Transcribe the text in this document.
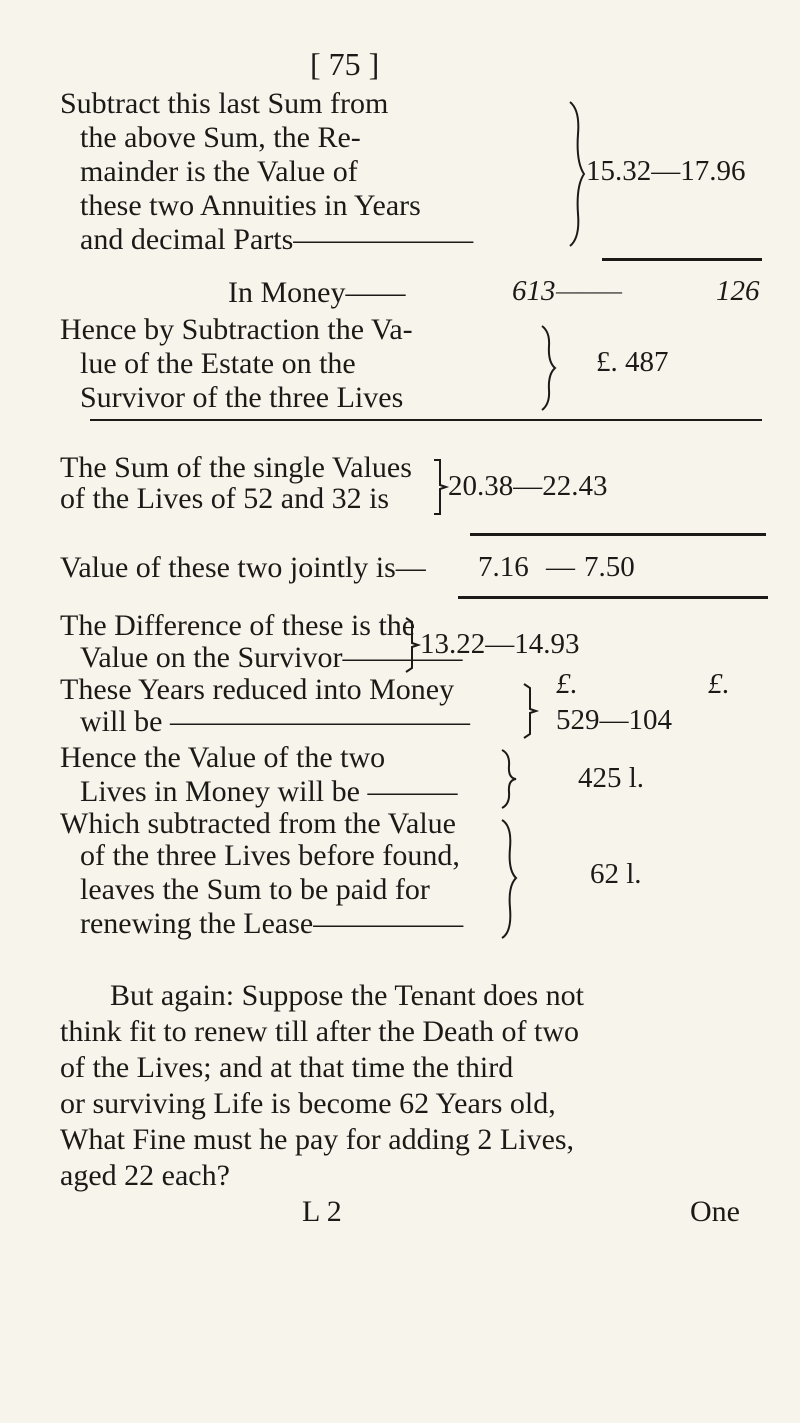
[ 75 ]
Subtract this last Sum from
the above Sum, the Re-
mainder is the Value of
these two Annuities in Years
and decimal Parts——————
15.32—17.96
In Money——	613 ———	126
Hence by Subtraction the Va-
lue of the Estate on the
Survivor of the three Lives
£. 487
The Sum of the single Values
of the Lives of 52 and 32 is 20.38—22.43
Value of these two jointly is— 7.16 — 7.50
The Difference of these is the
Value on the Survivor————
13.22—14.93
£.	£.
These Years reduced into Money
will be ——————————	529—104
Hence the Value of the two
Lives in Money will be ———	425 l.
Which subtracted from the Value
of the three Lives before found,
leaves the Sum to be paid for
renewing the Lease—————
62 l.
But again: Suppose the Tenant does not
think fit to renew till after the Death of two
of the Lives; and at that time the third
or surviving Life is become 62 Years old,
What Fine must he pay for adding 2 Lives,
aged 22 each?
L 2	One
